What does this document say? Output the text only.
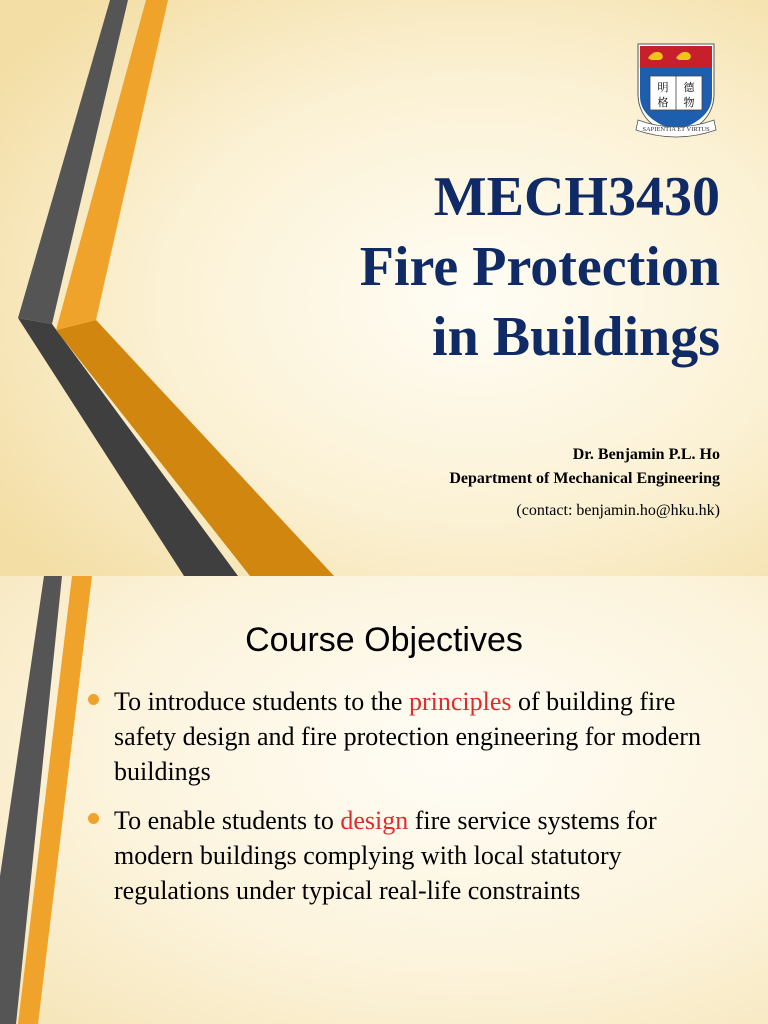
明 德
格 物
SAPIENTIA ET VIRTUS
MECH3430
Fire Protection
in Buildings
Dr. Benjamin P.L. Ho
Department of Mechanical Engineering
(contact: benjamin.ho@hku.hk)
Course Objectives
To introduce students to the principles of building fire safety design and fire protection engineering for modern buildings
To enable students to design fire service systems for modern buildings complying with local statutory regulations under typical real-life constraints
